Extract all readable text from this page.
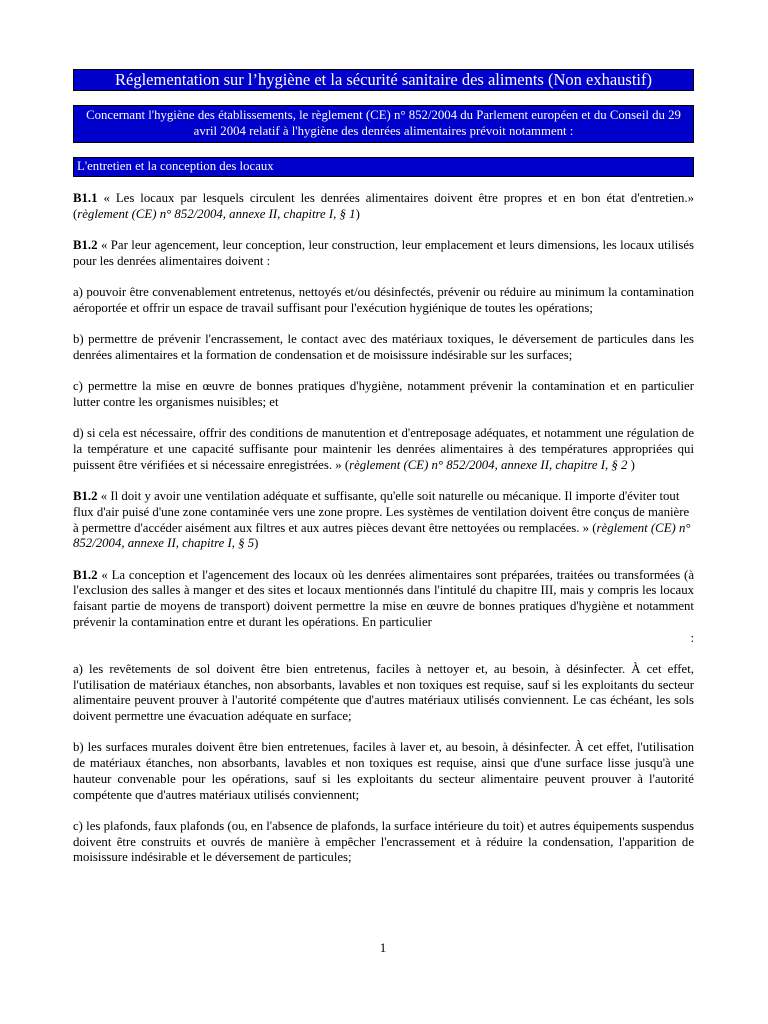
Réglementation sur l’hygiène et la sécurité sanitaire des aliments (Non exhaustif)
Concernant l'hygiène des établissements, le règlement (CE) n° 852/2004 du Parlement européen et du Conseil du 29 avril 2004 relatif à l'hygiène des denrées alimentaires prévoit notamment :
L'entretien et la conception des locaux

B1.1 « Les locaux par lesquels circulent les denrées alimentaires doivent être propres et en bon état d'entretien.» (règlement (CE) n° 852/2004, annexe II, chapitre I, § 1)

B1.2 « Par leur agencement, leur conception, leur construction, leur emplacement et leurs dimensions, les locaux utilisés pour les denrées alimentaires doivent :

a) pouvoir être convenablement entretenus, nettoyés et/ou désinfectés, prévenir ou réduire au minimum la contamination aéroportée et offrir un espace de travail suffisant pour l'exécution hygiénique de toutes les opérations;

b) permettre de prévenir l'encrassement, le contact avec des matériaux toxiques, le déversement de particules dans les denrées alimentaires et la formation de condensation et de moisissure indésirable sur les surfaces;

c) permettre la mise en œuvre de bonnes pratiques d'hygiène, notamment prévenir la contamination et en particulier lutter contre les organismes nuisibles; et

d) si cela est nécessaire, offrir des conditions de manutention et d'entreposage adéquates, et notamment une régulation de la température et une capacité suffisante pour maintenir les denrées alimentaires à des températures appropriées qui puissent être vérifiées et si nécessaire enregistrées. » (règlement (CE) n° 852/2004, annexe II, chapitre I, § 2 )

B1.2 « Il doit y avoir une ventilation adéquate et suffisante, qu'elle soit naturelle ou mécanique. Il importe d'éviter tout flux d'air puisé d'une zone contaminée vers une zone propre. Les systèmes de ventilation doivent être conçus de manière à permettre d'accéder aisément aux filtres et aux autres pièces devant être nettoyées ou remplacées. » (règlement (CE) n° 852/2004, annexe II, chapitre I, § 5)

B1.2 « La conception et l'agencement des locaux où les denrées alimentaires sont préparées, traitées ou transformées (à l'exclusion des salles à manger et des sites et locaux mentionnés dans l'intitulé du chapitre III, mais y compris les locaux faisant partie de moyens de transport) doivent permettre la mise en œuvre de bonnes pratiques d'hygiène et notamment prévenir la contamination entre et durant les opérations. En particulier

:

a) les revêtements de sol doivent être bien entretenus, faciles à nettoyer et, au besoin, à désinfecter. À cet effet, l'utilisation de matériaux étanches, non absorbants, lavables et non toxiques est requise, sauf si les exploitants du secteur alimentaire peuvent prouver à l'autorité compétente que d'autres matériaux utilisés conviennent. Le cas échéant, les sols doivent permettre une évacuation adéquate en surface;

b) les surfaces murales doivent être bien entretenues, faciles à laver et, au besoin, à désinfecter. À cet effet, l'utilisation de matériaux étanches, non absorbants, lavables et non toxiques est requise, ainsi que d'une surface lisse jusqu'à une hauteur convenable pour les opérations, sauf si les exploitants du secteur alimentaire peuvent prouver à l'autorité compétente que d'autres matériaux utilisés conviennent;

c) les plafonds, faux plafonds (ou, en l'absence de plafonds, la surface intérieure du toit) et autres équipements suspendus doivent être construits et ouvrés de manière à empêcher l'encrassement et à réduire la condensation, l'apparition de moisissure indésirable et le déversement de particules;

1
